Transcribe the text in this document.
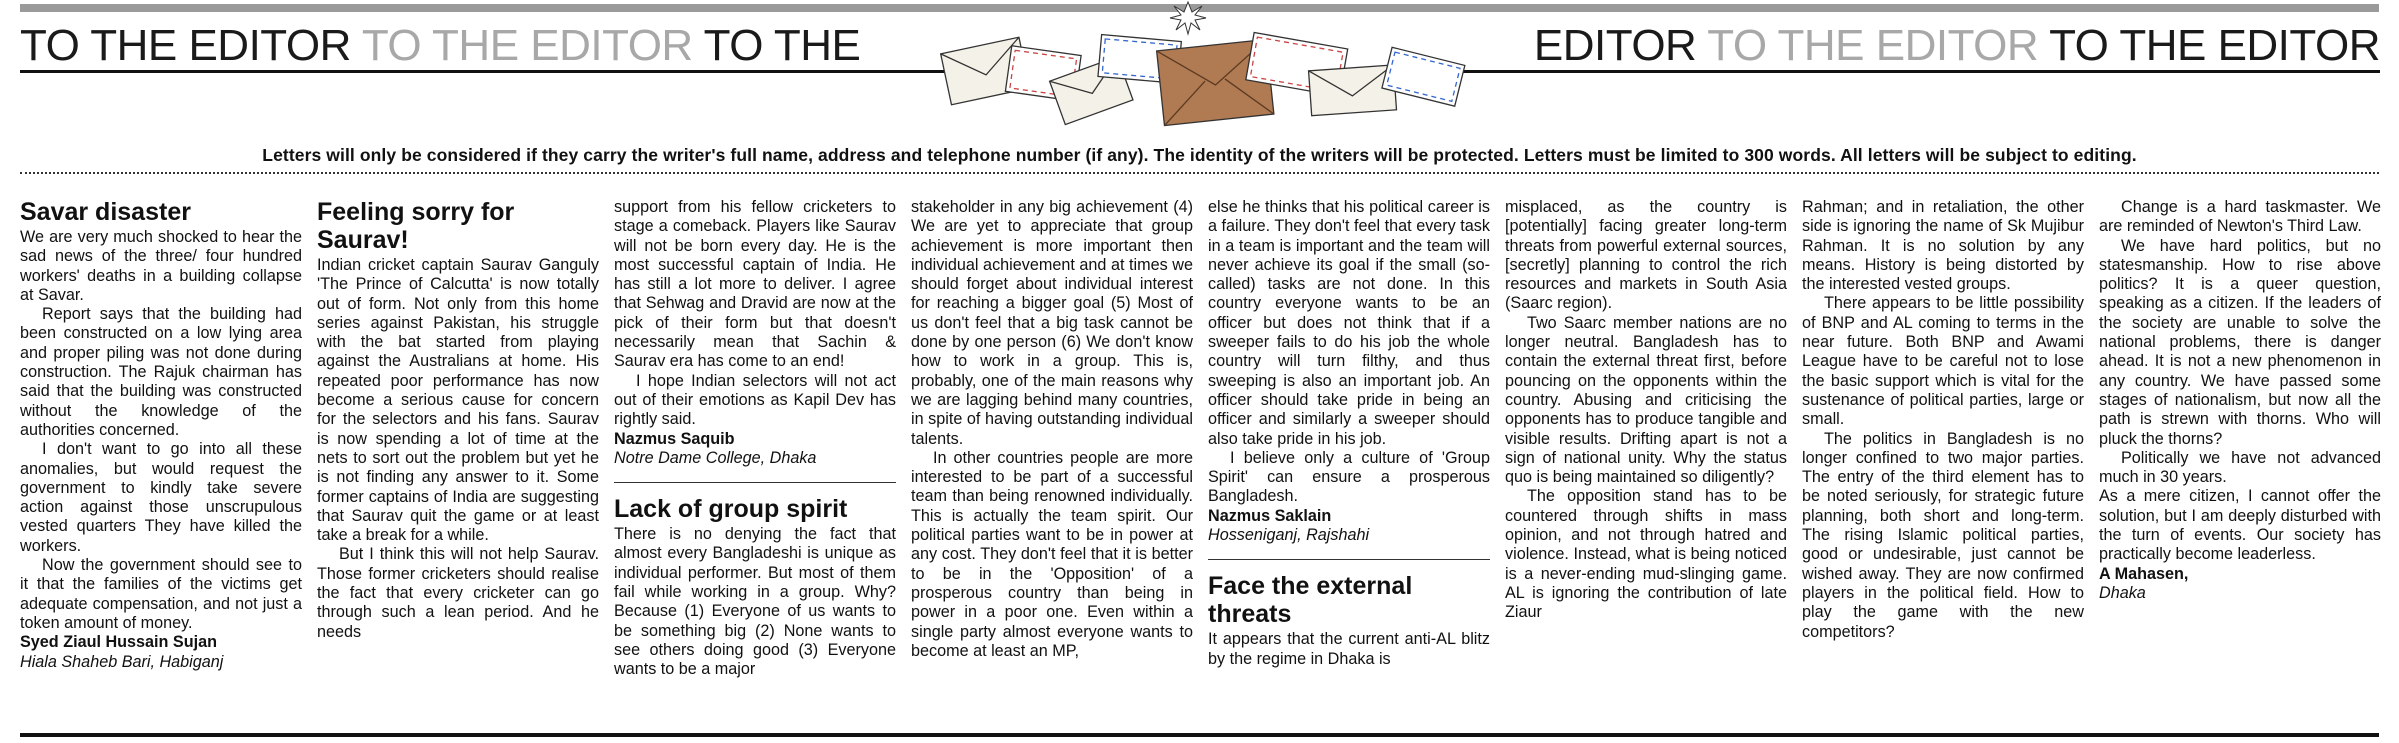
TO THE EDITOR TO THE EDITOR TO THE	EDITOR TO THE EDITOR TO THE EDITOR
Letters will only be considered if they carry the writer's full name, address and telephone number (if any). The identity of the writers will be protected. Letters must be limited to 300 words. All letters will be subject to editing.
Savar disaster

We are very much shocked to hear the sad news of the three/ four hundred workers' deaths in a building collapse at Savar.

Report says that the building had been constructed on a low lying area and proper piling was not done during construction. The Rajuk chairman has said that the building was constructed without the knowledge of the authorities concerned.

I don't want to go into all these anomalies, but would request the government to kindly take severe action against those unscrupulous vested quarters They have killed the workers.

Now the government should see to it that the families of the victims get adequate compensation, and not just a token amount of money.

Syed Ziaul Hussain Sujan

Hiala Shaheb Bari, Habiganj

Feeling sorry for Saurav!

Indian cricket captain Saurav Ganguly 'The Prince of Calcutta' is now totally out of form. Not only from this home series against Pakistan, his struggle with the bat started from playing against the Australians at home. His repeated poor performance has now become a serious cause for concern for the selectors and his fans. Saurav is now spending a lot of time at the nets to sort out the problem but yet he is not finding any answer to it. Some former captains of India are suggesting that Saurav quit the game or at least take a break for a while.

But I think this will not help Saurav. Those former cricketers should realise the fact that every cricketer can go through such a lean period. And he needs

support from his fellow cricketers to stage a comeback. Players like Saurav will not be born every day. He is the most successful captain of India. He has still a lot more to deliver. I agree that Sehwag and Dravid are now at the pick of their form but that doesn't necessarily mean that Sachin & Saurav era has come to an end!

I hope Indian selectors will not act out of their emotions as Kapil Dev has rightly said.

Nazmus Saquib

Notre Dame College, Dhaka

Lack of group spirit

There is no denying the fact that almost every Bangladeshi is unique as individual performer. But most of them fail while working in a group. Why? Because (1) Everyone of us wants to be something big (2) None wants to see others doing good (3) Everyone wants to be a major

stakeholder in any big achievement (4) We are yet to appreciate that group achievement is more important then individual achievement and at times we should forget about individual interest for reaching a bigger goal (5) Most of us don't feel that a big task cannot be done by one person (6) We don't know how to work in a group. This is, probably, one of the main reasons why we are lagging behind many countries, in spite of having outstanding individual talents.

In other countries people are more interested to be part of a successful team than being renowned individually. This is actually the team spirit. Our political parties want to be in power at any cost. They don't feel that it is better to be in the 'Opposition' of a prosperous country than being in power in a poor one. Even within a single party almost everyone wants to become at least an MP,

else he thinks that his political career is a failure. They don't feel that every task in a team is important and the team will never achieve its goal if the small (so-called) tasks are not done. In this country everyone wants to be an officer but does not think that if a sweeper fails to do his job the whole country will turn filthy, and thus sweeping is also an important job. An officer should take pride in being an officer and similarly a sweeper should also take pride in his job.

I believe only a culture of 'Group Spirit' can ensure a prosperous Bangladesh.

Nazmus Saklain

Hosseniganj, Rajshahi

Face the external threats

It appears that the current anti-AL blitz by the regime in Dhaka is

misplaced, as the country is [potentially] facing greater long-term threats from powerful external sources, [secretly] planning to control the rich resources and markets in South Asia (Saarc region).

Two Saarc member nations are no longer neutral. Bangladesh has to contain the external threat first, before pouncing on the opponents within the country. Abusing and criticising the opponents has to produce tangible and visible results. Drifting apart is not a sign of national unity. Why the status quo is being maintained so diligently?

The opposition stand has to be countered through shifts in mass opinion, and not through hatred and violence. Instead, what is being noticed is a never-ending mud-slinging game. AL is ignoring the contribution of late Ziaur

Rahman; and in retaliation, the other side is ignoring the name of Sk Mujibur Rahman. It is no solution by any means. History is being distorted by the interested vested groups.

There appears to be little possibility of BNP and AL coming to terms in the near future. Both BNP and Awami League have to be careful not to lose the basic support which is vital for the sustenance of political parties, large or small.

The politics in Bangladesh is no longer confined to two major parties. The entry of the third element has to be noted seriously, for strategic future planning, both short and long-term. The rising Islamic political parties, good or undesirable, just cannot be wished away. They are now confirmed players in the political field. How to play the game with the new competitors?

Change is a hard taskmaster. We are reminded of Newton's Third Law.

We have hard politics, but no statesmanship. How to rise above politics? It is a queer question, speaking as a citizen. If the leaders of the society are unable to solve the national problems, there is danger ahead. It is not a new phenomenon in any country. We have passed some stages of nationalism, but now all the path is strewn with thorns. Who will pluck the thorns?

Politically we have not advanced much in 30 years.

As a mere citizen, I cannot offer the solution, but I am deeply disturbed with the turn of events. Our society has practically become leaderless.

A Mahasen,

Dhaka
